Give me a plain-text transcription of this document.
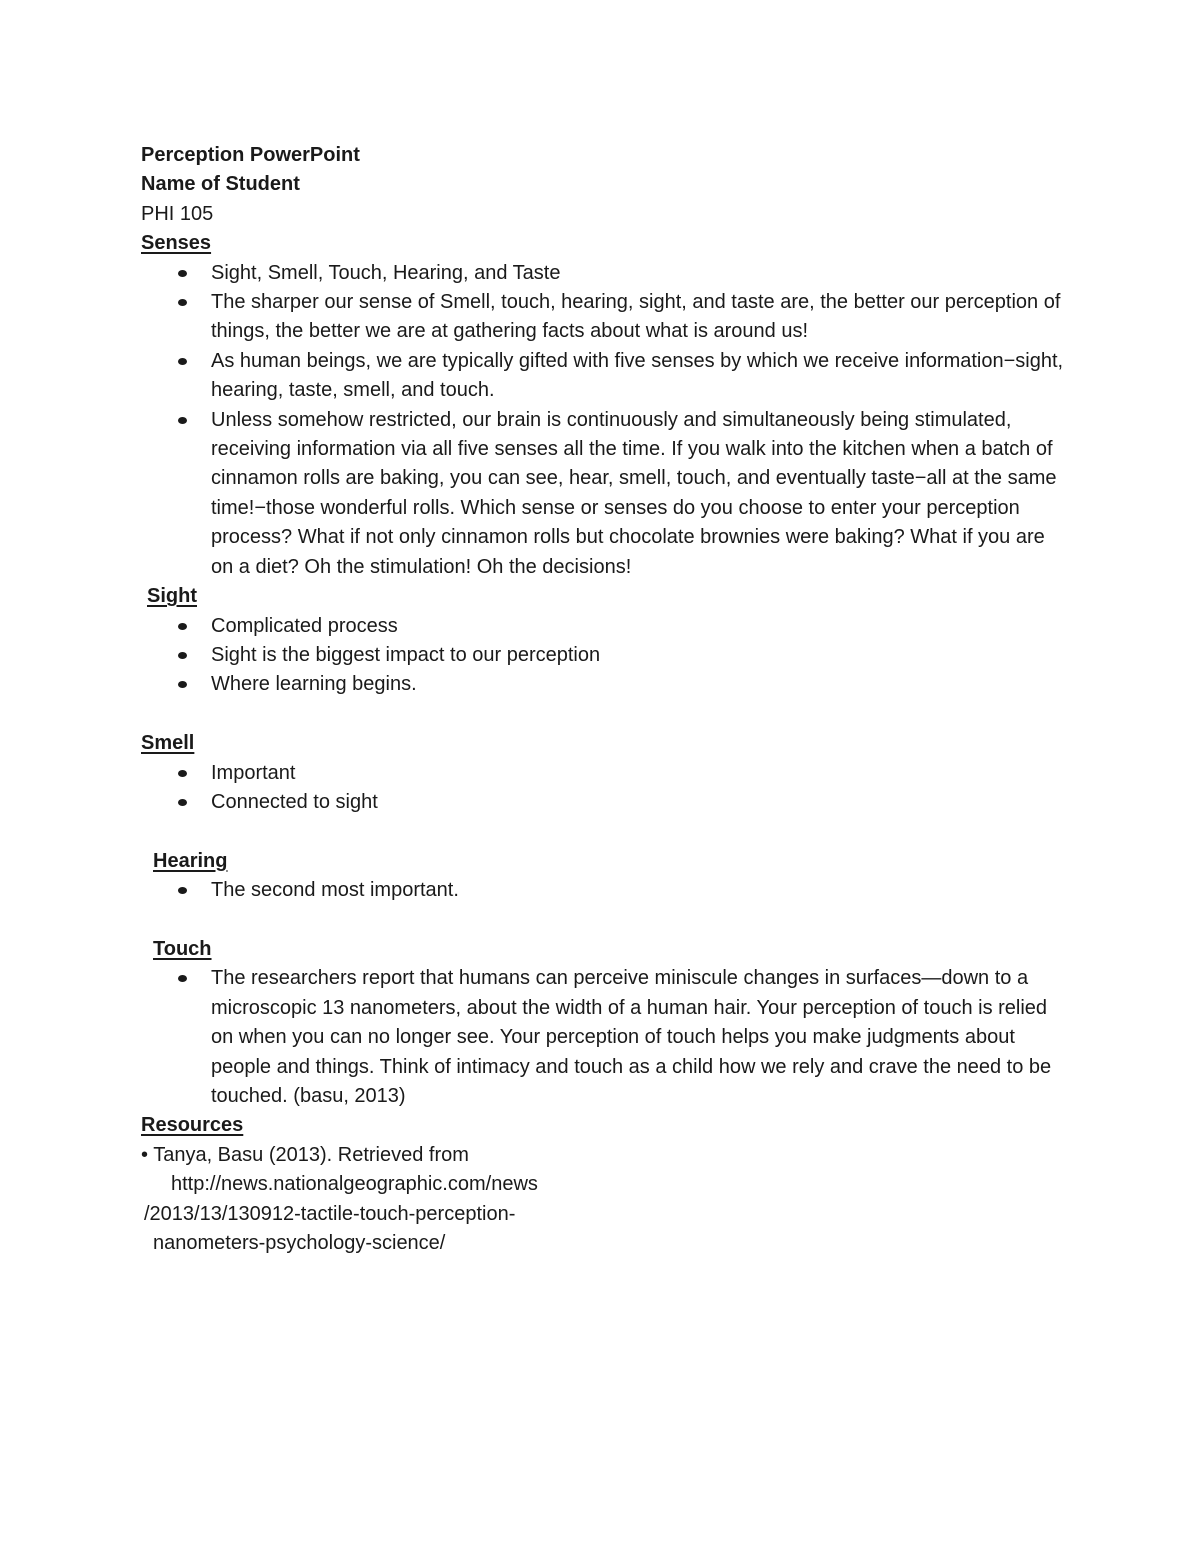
Perception PowerPoint

Name of Student

PHI 105

Senses

Sight, Smell, Touch, Hearing, and Taste
The sharper our sense of Smell, touch, hearing, sight, and taste are, the better our perception of things, the better we are at gathering facts about what is around us!
As human beings, we are typically gifted with five senses by which we receive information−sight, hearing, taste, smell, and touch.
Unless somehow restricted, our brain is continuously and simultaneously being stimulated, receiving information via all five senses all the time. If you walk into the kitchen when a batch of cinnamon rolls are baking, you can see, hear, smell, touch, and eventually taste−all at the same time!−those wonderful rolls. Which sense or senses do you choose to enter your perception process? What if not only cinnamon rolls but chocolate brownies were baking? What if you are on a diet? Oh the stimulation! Oh the decisions!

Sight

Complicated process
Sight is the biggest impact to our perception
Where learning begins.

Smell

Important
Connected to sight

Hearing

The second most important.

Touch

The researchers report that humans can perceive miniscule changes in surfaces—down to a microscopic 13 nanometers, about the width of a human hair. Your perception of touch is relied on when you can no longer see. Your perception of touch helps you make judgments about people and things. Think of intimacy and touch as a child how we rely and crave the need to be touched. (basu, 2013)

Resources

• Tanya, Basu (2013). Retrieved from

http://news.nationalgeographic.com/news

/2013/13/130912-tactile-touch-perception-

nanometers-psychology-science/
